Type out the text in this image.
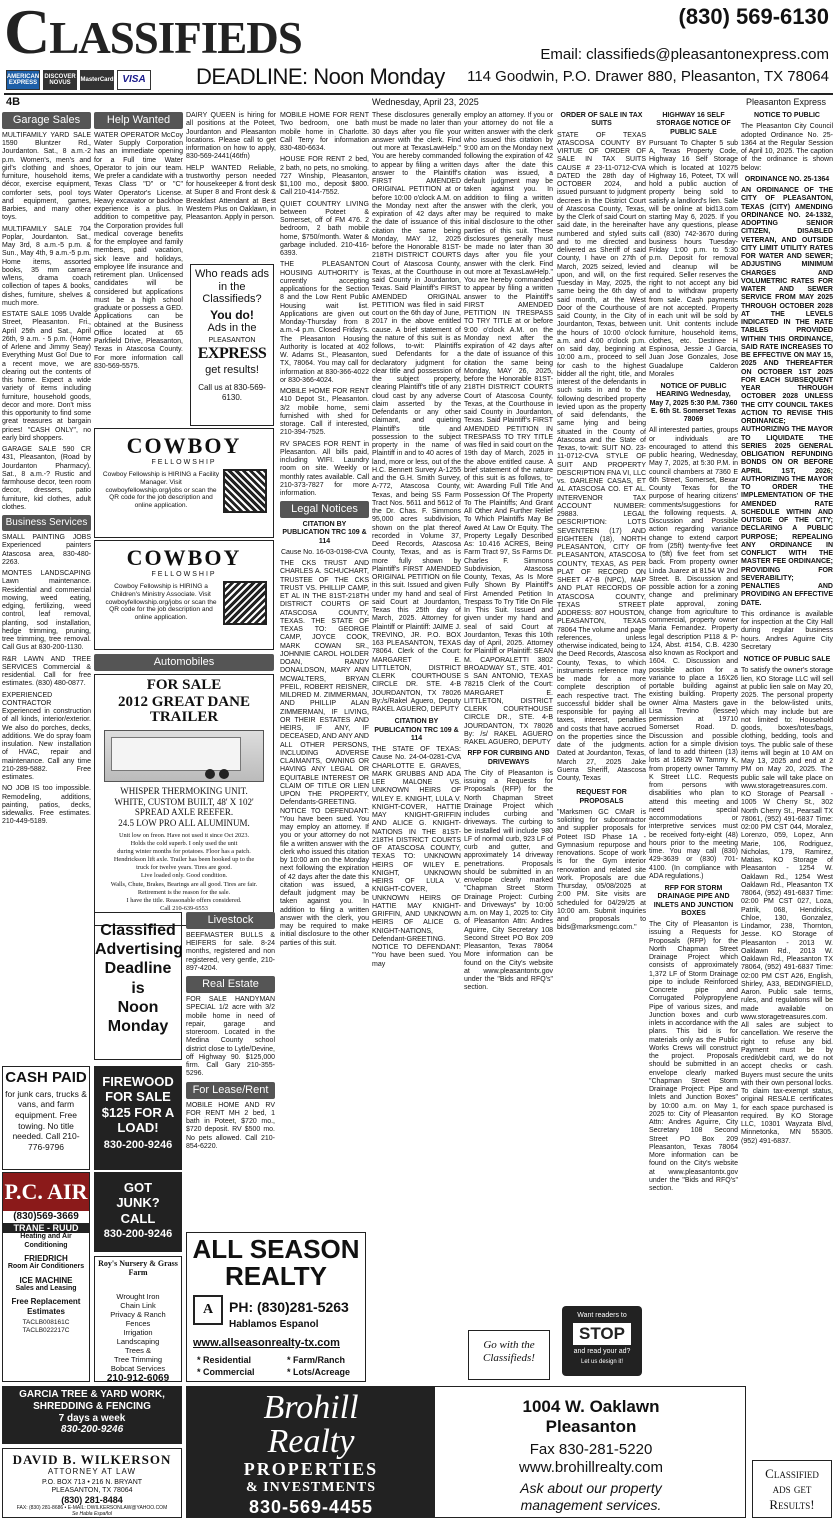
Classifieds	(830) 569-6130
Email: classifieds@pleasantonexpress.com
DEADLINE: Noon Monday 114 Goodwin, P.O. Drawer 880, Pleasanton, TX 78064
AMERICAN EXPRESS
DISCOVER NOVUS	MasterCard VISA
4B	Wednesday, April 23, 2025	Pleasanton Express
Garage Sales

MULTIFAMILY YARD SALE 1590 Bluntzer Rd., Jourdanton. Sat., 8 a.m.-2 p.m. Women's, men's and girl's clothing and shoes, furniture, household items, décor, exercise equipment, comforter sets, pool toys and equipment, games, Barbies, and many other toys.

MULTIFAMILY SALE 704 Poplar, Jourdanton. Sat., May 3rd, 8 a.m.-5 p.m. & Sun., May 4th, 9 a.m.-5 p.m. Home items, assorted books, 35 mm camera w/lens, drama coach collection of tapes & books, dishes, furniture, shelves & much more.

ESTATE SALE 1095 Uvalde Street, Pleasanton. Fri., April 25th and Sat., April 26th, 9 a.m. - 5 p.m. (Home of Arlene and Jimmy Seay) Everything Must Go! Due to a recent move, we are clearing out the contents of this home. Expect a wide variety of items including furniture, household goods, decor and more. Don't miss this opportunity to find some great treasures at bargain prices! "CASH ONLY", no early bird shoppers.

GARAGE SALE 590 CR 431, Pleasanton, (Road by Jourdanton Pharmacy). Sat., 8 a.m.-? Rustic and farmhouse decor, teen room decor, dressers, patio furniture, kid clothes, adult clothes.

Business Services

SMALL PAINTING JOBS Experienced painters Atascosa area, 830-480-2263.

MONTES LANDSCAPING Lawn maintenance. Residential and commercial mowing, weed eating, edging, fertilizing, weed control, leaf removal, planting, sod installation, hedge trimming, pruning, tree trimming, tree removal. Call Gus at 830-200-1130.

R&R LAWN AND TREE SERVICES Commercial & residential. Call for free estimates. (830) 480-0877.

EXPERIENCED CONTRACTOR Experienced in construction of all kinds, interior/exterior. We also do porches, decks, additions. We do spray foam insulation. New installation of HVAC, repair and maintenance. Call any time 210-289-5882. Free estimates.

NO JOB IS too impossible. Remodeling, additions, painting, patios, decks, sidewalks. Free estimates. 210-449-5189.

Help Wanted

WATER OPERATOR McCoy Water Supply Corporation has an immediate opening for a Full time Water Operator to join our team. We prefer a candidate with a Texas Class "D" or "C" Water Operator's License. Heavy excavator or backhoe experience is a plus. In addition to competitive pay, the Corporation provides full medical coverage benefits for the employee and family members, paid vacation, sick leave and holidays, employee life insurance and retirement plan. Unlicensed candidates will be considered but applications must be a high school graduate or possess a GED. Applications can be obtained at the Business Office located at 65 Parkfield Drive, Pleasanton, Texas in Atascosa County. For more information call 830-569-5575.

DAIRY QUEEN is hiring for all positions at the Poteet, Jourdanton and Pleasanton locations. Please call to get information on how to apply, 830-569-2441(46tfn)

HELP WANTED Reliable, trustworthy person needed for housekeeper & front desk at Super 8 and Front desk & Breakfast Attendant at Best Western Plus on Oaklawn, in Pleasanton. Apply in person.

Who reads ads in the Classifieds?
You do!
Ads in the
PLEASANTON
EXPRESS
get results!
Call us at 830-569-6130.
COWBOY
FELLOWSHIP
Cowboy Fellowship is HIRING a Facility Manager. Visit cowboyfellowship.org/jobs or scan the QR code for the job description and online application.
COWBOY
FELLOWSHIP
Cowboy Fellowship is HIRING a Children's Ministry Associate. Visit cowboyfellowship.org/jobs or scan the QR code for the job description and online application.
Automobiles
FOR SALE
2012 GREAT DANE TRAILER
WHISPER THERMOKING UNIT.
WHITE, CUSTOM BUILT, 48' X 102' SPREAD AXLE REEFER.
24.5 LOW PRO ALL ALUMINUM.
Unit low on freon. Have not used it since Oct 2023.
Holds the cold superb. I only used the unit
during winter months for potatoes. Floor has a patch.
Hendrickson lift axle. Trailer has been hooked up to the
truck for twelve years. Tires are good.
Live loaded only. Good condition.
Walls, Chute, Brakes, Bearings are all good. Tires are fair.
Retirement is the reason for the sale.
I have the title. Reasonable offers considered.
Call 210-639-6553
Classified
Advertising
Deadline
is
Noon
Monday
Livestock

BEEFMASTER BULLS & HEIFERS for sale. 8-24 months, registered and non registered, very gentle, 210-897-4204.

Real Estate

FOR SALE HANDYMAN SPECIAL 1/2 acre with 3/2 mobile home in need of repair, garage and storeroom. Located in the Medina County school district close to Lytle/Devine, off Highway 90. $125,000 firm. Call Gary 210-355-5296.

For Lease/Rent

MOBILE HOME AND RV FOR RENT MH 2 bed, 1 bath in Poteet, $720 mo., $720 deposit. RV $500 mo. No pets allowed. Call 210-854-6220.

CASH PAID
for junk cars, trucks & vans, and farm equipment. Free towing. No title needed. Call 210-776-9796
FIREWOOD
FOR SALE
$125 FOR A
LOAD!
830-200-9246
GOT
JUNK?
CALL
830-200-9246
P.C. AIR
(830)569-3669
TRANE - RUUD
Heating and Air Conditioning
FRIEDRICH
Room Air Conditioners
ICE MACHINE
Sales and Leasing
Free Replacement Estimates
TACLB008161C
TACLB022217C
Roy's Nursery & Grass Farm
Wrought Iron
Chain Link
Privacy & Ranch
Fences
Irrigation
Landscaping
Trees &
Tree Trimming
Bobcat Services
210-912-6069
ALL SEASON
REALTY
A	PH: (830)281-5263
Hablamos Espanol
www.allseasonrealty-tx.com
* Residential	* Farm/Ranch
* Commercial	* Lots/Acreage
GARCIA TREE & YARD WORK,
SHREDDING & FENCING
7 days a week
830-200-9246
DAVID B. WILKERSON
ATTORNEY AT LAW
P.O. BOX 713 • 216 N. BRYANT
PLEASANTON, TX 78064
(830) 281-8484
FAX: (830) 281-8686 • E-MAIL: DWILKERSONLAW@YAHOO.COM
Se Habla Español
Brohill
Realty
PROPERTIES
& INVESTMENTS
830-569-4455
1004 W. Oaklawn
Pleasanton
Fax 830-281-5220
www.brohillrealty.com
Ask about our property
management services.
Classified
ads get
Results!

MOBILE HOME FOR RENT Two bedroom, one bath mobile home in Charlotte. Call Terry for information 830-480-6634.

HOUSE FOR RENT 2 bed, 2 bath, no pets, no smoking. 727 Winship, Pleasanton, $1,100 mo., deposit $800. Call 210-414-7552.

QUIET COUNTRY LIVING between Poteet & Somerset, off of FM 476. 2 bedroom, 2 bath mobile home, $750/month. Water & garbage included. 210-416-6393.

THE PLEASANTON HOUSING AUTHORITY is currently accepting applications for the Section 8 and the Low Rent Public Housing wait list. Applications are given out Monday-Thursday from 8 a.m.-4 p.m. Closed Friday's. The Pleasanton Housing Authority is located at 402 W. Adams St., Pleasanton, TX, 78064. You may call for information at 830-366-4022 or 830-366-4024.

MOBILE HOME FOR RENT 410 Depot St., Pleasanton. 3/2 mobile home, semi furnished with shed for storage. Call if interested, 210-394-7525.

RV SPACES FOR RENT in Pleasanton. All bills paid, including WIFI. Laundry room on site. Weekly or monthly rates available. Call 210-373-7827 for more information.

Legal Notices

CITATION BY PUBLICATION TRC 109 & 114

Cause No. 16-03-0198-CVA

THE CKS TRUST AND CHARLES A. SCHUCHART, TRUSTEE OF THE CKS TRUST VS. PHILLIP CAMP, ET AL IN THE 81ST-218TH DISTRICT COURTS OF ATASCOSA COUNTY, TEXAS. THE STATE OF TEXAS TO: GEORGE CAMP, JOYCE COOK, MARK COWAN SR., JOHNNIE CAROL HOLDER DOAN, RANDY DONALDSON, MARY ANN MCWALTERS, BRYAN PFEIL, ROBERT REISNER, MILDRED M. ZIMMERMAN, AND PHILLIP ALAN ZIMMERMAN, IF LIVING, OR THEIR ESTATES AND HEIRS, IF ANY, IF DECEASED, AND ANY AND ALL OTHER PERSONS, INCLUDING ADVERSE CLAIMANTS, OWNING OR HAVING ANY LEGAL OR EQUITABLE INTEREST OR CLAIM OF TITLE OR LIEN UPON THE PROPERTY, Defendants-GREETING. NOTICE TO DEFENDANT: "You have been sued. You may employ an attorney. If you or your attorney do not file a written answer with the clerk who issued this citation by 10:00 am on the Monday next following the expiration of 42 days after the date this citation was issued, a default judgment may be taken against you. In addition to filing a written answer with the clerk, you may be required to make initial disclosure to the other parties of this suit.

These disclosures generally must be made no later than 30 days after you file your answer with the clerk. Find out more at TexasLawHelp." You are hereby commanded to appear by filing a written answer to the Plaintiff's FIRST AMENDED ORIGINAL PETITION at or before 10:00 o'clock A.M. on the Monday next after the expiration of 42 days after the date of issuance of this citation the same being Monday, MAY 12, 2025 before the Honorable 81ST-218TH DISTRICT COURTS Court of Atascosa County, Texas, at the Courthouse in said County in Jourdanton, Texas. Said Plaintiff's FIRST AMENDED ORIGINAL PETITION was filed in said court on the 6th day of June, 2017 in the above entitled cause. A brief statement of the nature of this suit is as follows, to-wit: Plaintiffs sued Defendants for a declaratory judgment for clear title and possession of the subject property, clearing Plaintiff's title of any cloud cast by any adverse claim asserted by the Defendants or any other claimant, and quieting Plaintiff's title and possession to the subject property in the name of Plaintiff in and to 40 acres of land, more or less, out of the H.C. Bennett Survey A-1255 and the G.H. Smith Survey, A-772, Atascosa County, Texas, and being SS Farm Tract Nos. 5611 and 5612 of the Dr. Chas. F. Simmons 95,000 acres subdivision, shown on the plat thereof recorded in Volume 37, Deed Records, Atascosa County, Texas, and as is more fully shown by Plaintiff's FIRST AMENDED ORIGINAL PETITION on file in this suit. Issued and given under my hand and seal of said Court at Jourdanton, Texas this 25th day of March, 2025. Attorney for Plaintiff or Plaintiff: JAIME J. TREVINO, JR. P.O. BOX 163 PLEASANTON, TEXAS 78064. Clerk of the Court: MARGARET E. LITTLETON, DISTRICT CLERK COURTHOUSE CIRCLE DR. STE. 4-B JOURDANTON, TX 78026 By:/s/Rakel Aguero, Deputy RAKEL AGUERO, DEPUTY

CITATION BY PUBLICATION TRC 109 & 114

THE STATE OF TEXAS: Cause No. 24-04-0281-CVA CHARLOTTE E. GRAVES, MARK GRUBBS AND ADA LEE MALONE VS. UNKNOWN HEIRS OF WILEY E. KNIGHT, LULA V. KNIGHT-COVER, HATTIE MAY KNIGHT-GRIFFIN AND ALICE G. KNIGHT-NATIONS IN THE 81ST-218TH DISTRICT COURTS OF ATASCOSA COUNTY, TEXAS TO: UNKNOWN HEIRS OF WILEY E. KNIGHT, UNKNOWN HEIRS OF LULA V. KNIGHT-COVER, UNKNOWN HEIRS OF HATTIE MAY KNIGHT-GRIFFIN, AND UNKNOWN HEIRS OF ALICE G. KNIGHT-NATIONS, Defendant-GREETING. NOTICE TO DEFENDANT: "You have been sued. You may

employ an attorney. If you or your attorney do not file a written answer with the clerk who issued this citation by 9:00 am on the Monday next following the expiration of 42 days after the date this citation was issued, a default judgment may be taken against you. In addition to filing a written answer with the clerk, you may be required to make initial disclosure to the other parties of this suit. These disclosures generally must be made no later than 30 days after you file your answer with the clerk. Find out more at TexasLawHelp." You are hereby commanded to appear by filing a written answer to the Plaintiff's FIRST AMENDED PETITION IN TRESPASS TO TRY TITLE at or before 9:00 o'clock A.M. on the Monday next after the expiration of 42 days after the date of issuance of this citation the same being Monday, MAY 26, 2025, before the Honorable 81ST-218TH DISTRICT COURTS Court of Atascosa County, Texas, at the Courthouse in said County in Jourdanton, Texas. Said Plaintiff's FIRST AMENDED PETITION IN TRESPASS TO TRY TITLE was filed in said court on the 19th day of March, 2025 in the above entitled cause. A brief statement of the nature of this suit is as follows, to-wit: Awarding Full Title And Possession Of The Property To The Plaintiffs; And Grant All Other And Further Relief To Which Plaintiffs May Be Awed At Law Or Equity. The Property Legally Described As: 10.416 ACRES, Being Farm Tract 97, Ss Farms Dr. Charles F. Simmons Subdivision, Atascosa County, Texas, As Is More Fully Shown By Plaintiff's First Amended Petition In Trespass To Try Title On File In This Suit. Issued and given under my hand and seal of said Court at Jourdanton, Texas this 10th day of April, 2025. Attorney for Plaintiff or Plaintiff: SEAN M. CAPORALETTI 3802 BROADWAY ST., STE. 401-S SAN ANTONIO, TEXAS 78215 Clerk of the Court: MARGARET E. LITTLETON, DISTRICT CLERK COURTHOUSE CIRCLE DR., STE. 4-B JOURDANTON, TX 78026 By: /s/ RAKEL AGUERO RAKEL AGUERO, DEPUTY

RFP FOR CURBING AND DRIVEWAYS

The City of Pleasanton is issuing a Requests for Proposals (RFP) for the North Chapman Street Drainage Project which includes curbing and driveways. The curbing to be installed will include 980 LF of normal curb, 923 LF of curb and gutter, and approximately 14 driveway penetrations. Proposals should be submitted in an envelope clearly marked "Chapman Street Storm Drainage Project: Curbing and Driveways" by 10:00 a.m. on May 1, 2025 to: City of Pleasanton Attn: Andres Aguirre, City Secretary 108 Second Street PO Box 209 Pleasanton, Texas 78064 More information can be found on the City's website at www.pleasantontx.gov under the "Bids and RFQ's" section.

Go with the Classifieds!

ORDER OF SALE IN TAX SUITS

STATE OF TEXAS ATASCOSA COUNTY BY VIRTUE OF ORDER OF SALE IN TAX SUITS CAUSE # 23-11-0712-CVA DATED the 28th day of OCTOBER 2024, and issued pursuant to judgment decrees in the District Court of Atascosa County, Texas, by the Clerk of said Court on said date, in the hereinafter numbered and styled suits and to me directed and delivered as Sheriff of said County, I have on 27th of March, 2025 seized, levied upon, and will, on the first Tuesday in May, 2025, the same being the 6th day of said month, at the West Door of the Courthouse of said County, in the City of Jourdanton, Texas, between the hours of 10:00 o'clock a.m. and 4:00 o'clock p.m. on said day, beginning at 10:00 a.m., proceed to sell for cash to the highest bidder all the right, title, and interest of the defendants in such suits in and to the following described property levied upon as the property of said defendants, the same lying and being situated in the County of Atascosa and the State of Texas, to-wit: SUIT NO. 23-11-0712-CVA STYLE OF SUIT AND PROPERTY DESCRIPTION FNA VI, LLC vs. DARLENE CASAS, ET AL ATASCOSA CO. ET AL. INTERVENOR TAX ACCOUNT NUMBER: 29883. LEGAL DESCRIPTION: LOTS SEVENTEEN (17) AND EIGHTEEN (18), NORTH PLEASANTON, CITY OF PLEASANTON, ATASCOSA COUNTY, TEXAS, AS PER PLAT OF RECORD ON SHEET 47-B (NPC), MAP AND PLAT RECORDS OF ATASCOSA COUNTY, TEXAS STREET ADDRESS: 807 HOUSTON, PLEASANTON, TEXAS 78064 The volume and page references, unless otherwise indicated, being to the Deed Records, Atascosa County, Texas, to which instruments reference may be made for a more complete description of each respective tract. The successful bidder shall be responsible for paying all taxes, interest, penalties and costs that have accrued on the properties since the date of the judgments. Dated at Jourdanton, Texas, March 27, 2025 Jake Guerra Sheriff, Atascosa County, Texas

REQUEST FOR PROPOSALS

"Marksmen GC CMaR is soliciting for subcontractor and supplier proposals for Poteet ISD Phase 1A - Gymnasium repurpose and renovations. Scope of work is for the Gym interior renovation and related site work. Proposals are due Thursday, 05/08/2025 at 2:00 PM. Site visits are scheduled for 04/29/25 at 10:00 am. Submit inquiries and proposals to bids@marksmengc.com."

Want readers to
STOP
and read your ad?
Let us design it!

HIGHWAY 16 SELF STORAGE NOTICE OF PUBLIC SALE

Pursuant To Chapter 5 sub A, Texas Property Code, Highway 16 Self Storage which is located at 10275 Highway 16, Poteet, TX will hold a public auction of property being sold to satisfy a landlord's lien. Sale will be online at bid13.com starting May 6, 2025. If you have any questions, please call (830) 742-3670 during business hours Tuesday-Friday 1:00 p.m. to 5:30 p.m. Deposit for removal and cleanup will be required. Seller reserves the right to not accept any bid and to withdraw property from sale. Cash payments are not accepted. Property in each unit will be sold by unit. Unit contents include furniture, household items, clothes, etc. Destinee H Espinosa, Jessie J Garcia, Juan Jose Gonzales, Jose Guadalupe Calderon Morales

NOTICE OF PUBLIC HEARING Wednesday, May 7, 2025 5:30 P.M. 7360 E. 6th St. Somerset Texas 78069

All interested parties, groups or individuals are encouraged to attend this public hearing, Wednesday, May 7, 2025, at 5:30 P.M. in council chambers at 7360 E 6th Street, Somerset, Bexar County Texas for the purpose of hearing citizens' comments/suggestions for the following requests. A. Discussion and Possible action regarding variance change to extend carport from (25ft) twenty-five feet to (5ft) five feet from set back. From property owner Linda Juarez at 8154 W 2nd Street. B. Discussion and possible action for a zoning change and preliminary plate approval, zoning change from agriculture to commercial, property owner Maria Fernandez. Property legal description P118 & P-124, Abst. #154, C.B. 4230 also known as Rockport and 1604. C. Discussion and possible action for a variance to place a 16X26 portable building against existing building. Property owner Alma Masters gave Lisa Trevino (lessee) permission at 19710 Somerset Road. D. Discussion and possible action for a simple division of land to add thirteen (13) lots at 16829 W Tammy K, from property owner Tammy K Street LLC. Requests from persons with disabilities who plan to attend this meeting and need special accommodations or interpretive services must be received forty-eight (48) hours prior to the meeting time. You may call (830) 429-3639 or (830) 701-4100. (In compliance with ADA regulations.)

RFP FOR STORM DRAINAGE PIPE AND INLETS AND JUNCTION BOXES

The City of Pleasanton is issuing a Requests for Proposals (RFP) for the North Chapman Street Drainage Project which consists of approximately 1,372 LF of Storm Drainage pipe to include Reinforced Concrete pipe and Corrugated Polypropylene Pipe of various sizes, and Junction boxes and curb inlets in accordance with the plans. This bid is for materials only as the Public Works Crews will construct the project. Proposals should be submitted in an envelope clearly marked "Chapman Street Storm Drainage Project: Pipe and Inlets and Junction Boxes" by 10:00 a.m. on May 1, 2025 to: City of Pleasanton Attn: Andres Aguirre, City Secretary 108 Second Street PO Box 209 Pleasanton, Texas 78064 More information can be found on the City's website at www.pleasantontx.gov under the "Bids and RFQ's" section.

NOTICE TO PUBLIC

The Pleasanton City Council adopted Ordinance No. 25-1364 at the Regular Session of April 10, 2025. The caption of the ordinance is shown below:

ORDINANCE NO. 25-1364

AN ORDINANCE OF THE CITY OF PLEASANTON, TEXAS (CITY) AMENDING ORDINANCE NO. 24-1332, ADOPTING SENIOR CITIZEN, DISABLED VETERAN, AND OUTSIDE CITY LIMIT UTILITY RATES FOR WATER AND SEWER; ADJUSTING MINIMUM CHARGES AND VOLUMETRIC RATES FOR WATER AND SEWER SERVICE FROM MAY 2025 THROUGH OCTOBER 2028 AT THE LEVELS INDICATED IN THE RATE TABLES PROVIDED WITHIN THIS ORDINANCE, SAID RATE INCREASES TO BE EFFECTIVE ON MAY 15, 2025 AND THEREAFTER ON OCTOBER 1ST 2025 FOR EACH SUBSEQUENT YEAR THROUGH OCTOBER 2028 UNLESS THE CITY COUNCIL TAKES ACTION TO REVISE THIS ORDINANCE; AUTHORIZING THE MAYOR TO LIQUIDATE THE SERIES 2025 GENERAL OBLIGATION REFUNDING BONDS ON OR BEFORE APRIL 1ST, 2026; AUTHORIZING THE MAYOR TO ORDER THE IMPLEMENTATION OF THE AMENDED RATE SCHEDULE WITHIN AND OUTSIDE OF THE CITY; DECLARING A PUBLIC PURPOSE; REPEALING ANY ORDINANCE IN CONFLICT WITH THE MASTER FEE ORDINANCE; PROVIDING FOR SEVERABILITY; PENALTIES AND PROVIDING AN EFFECTIVE DATE.

This ordinance is available for inspection at the City Hall during regular business hours. Andres Aguirre City Secretary

NOTICE OF PUBLIC SALE

To satisfy the owner's storage lien, KO Storage LLC will sell at public lien sale on May 20, 2025. The personal property in the below-listed units, which may include but are not limited to: Household goods, boxes/totes/bags, clothing, bedding, tools and toys. The public sale of these items will begin at 10 AM on May 13, 2025 and end at 2 PM on May 20, 2025. The public sale will take place on www.storagetreasures.com. KO Storage of Pearsall - 1005 W Cherry St., 302 North Cherry St., Pearsall TX 78061, (952) 491-6837 Time: 02:00 PM CST 044, Moralez, Lorenzo, 059, Lopez, Ann Marie, 106, Rodriguez, Nicholas, 179, Ramirez, Matias. KO Storage of Pleasanton - 1254 W. Oaklawn Rd., 1254 West Oaklawn Rd., Pleasanton TX 78064, (952) 491-6837 Time: 02:00 PM CST 027, Loza, Patrik, 068, Hendricks, Chloe, 130, Gonzalez, Lindamor, 238, Thornton, Jesse. KO Storage of Pleasanton - 2013 W. Oaklawn Rd., 2013 W. Oaklawn Rd., Pleasanton TX 78064, (952) 491-6837 Time: 02:00 PM CST A26, English, Shirley, A33, BEDINGFIELD, Aaron. Public sale terms, rules, and regulations will be made available on www.storagetreasures.com. All sales are subject to cancellation. We reserve the right to refuse any bid. Payment must be by credit/debit card, we do not accept checks or cash. Buyers must secure the units with their own personal locks. To claim tax-exempt status, original RESALE certificates for each space purchased is required. By KO Storage LLC, 10301 Wayzata Blvd, Minnetonka, MN 55305. (952) 491-6837.
